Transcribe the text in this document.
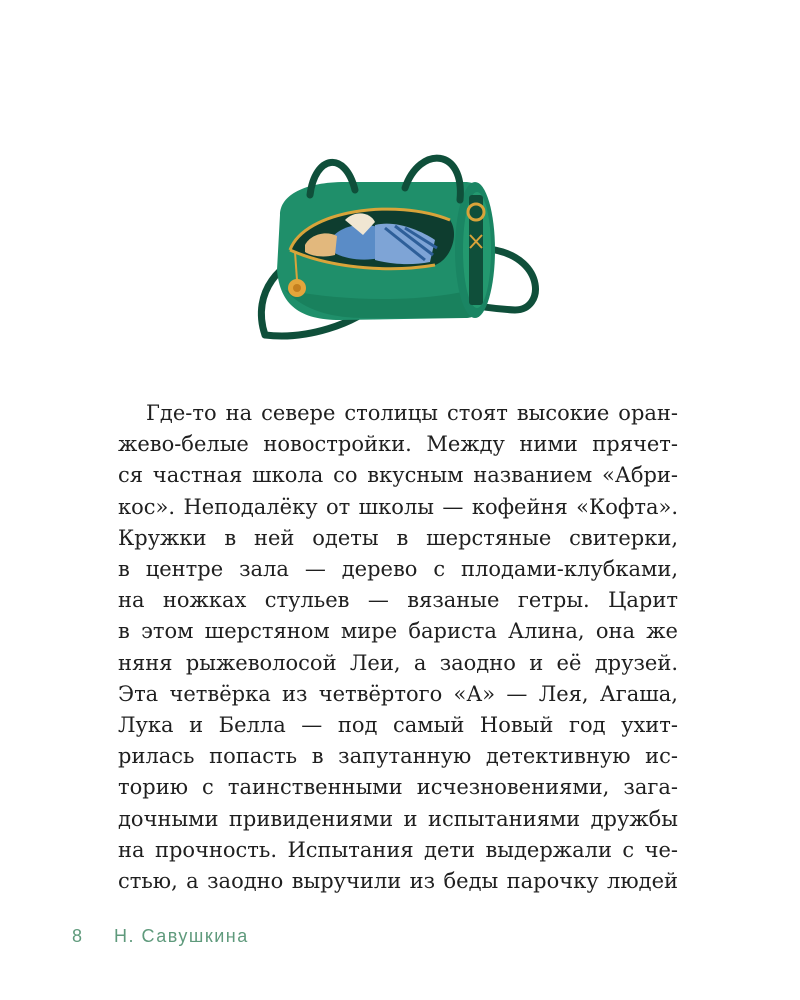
Где-то на севере столицы стоят высокие оран-
жево-белые новостройки. Между ними прячет-
ся частная школа со вкусным названием «Абри-
кос». Неподалёку от школы — кофейня «Кофта».
Кружки в ней одеты в шерстяные свитерки,
в центре зала — дерево с плодами-клубками,
на ножках стульев — вязаные гетры. Царит
в этом шерстяном мире бариста Алина, она же
няня рыжеволосой Леи, а заодно и её друзей.
Эта четвёрка из четвёртого «А» — Лея, Агаша,
Лука и Белла — под самый Новый год ухит-
рилась попасть в запутанную детективную ис-
торию с таинственными исчезновениями, зага-
дочными привидениями и испытаниями дружбы
на прочность. Испытания дети выдержали с че-
стью, а заодно выручили из беды парочку людей
8 Н. Савушкина
